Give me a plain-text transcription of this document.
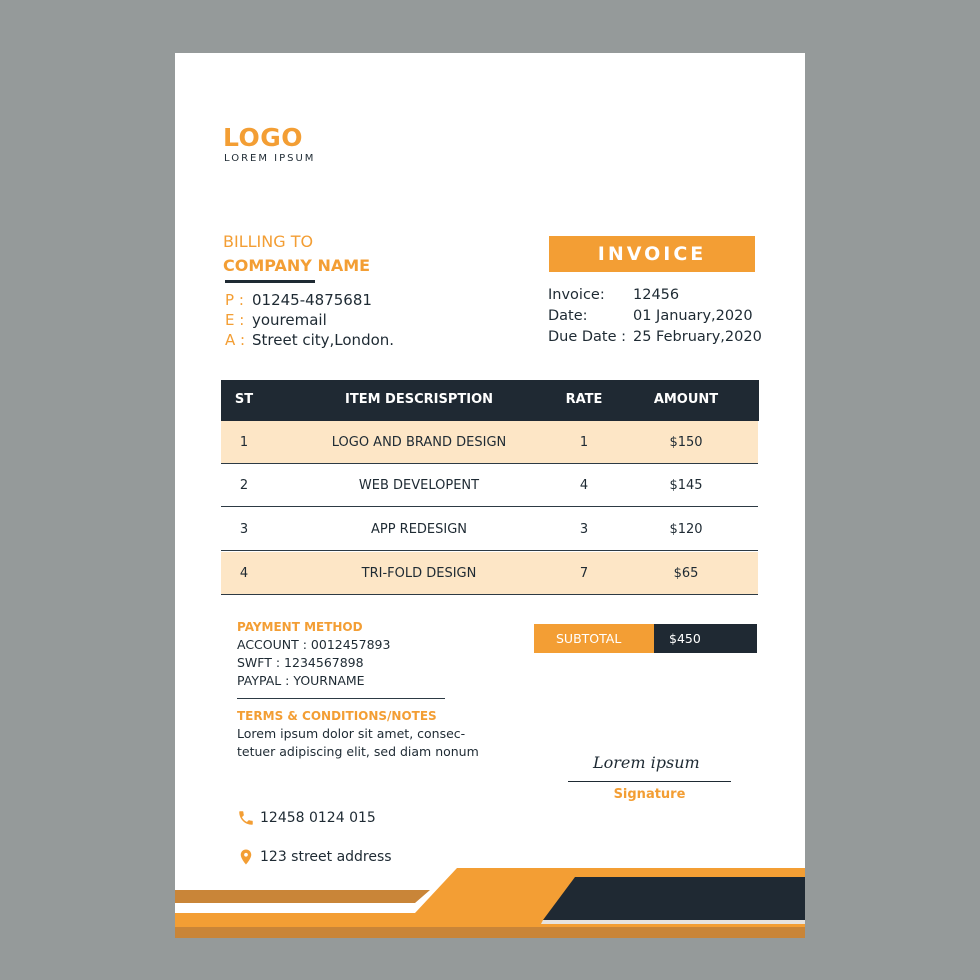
LOGO
LOREM IPSUM
BILLING TO
COMPANY NAME
P : 01245-4875681
E : youremail
A : Street city,London.
INVOICE
Invoice: 12456
Date:	01 January,2020
Due Date : 25 February,2020
ST	ITEM DESCRISPTION	RATE	AMOUNT
1	LOGO AND BRAND DESIGN	1	$150
2	WEB DEVELOPENT	4	$145
3	APP REDESIGN	3	$120
4	TRI-FOLD DESIGN	7	$65
PAYMENT METHOD
ACCOUNT : 0012457893
SWFT : 1234567898
PAYPAL : YOURNAME
TERMS & CONDITIONS/NOTES
Lorem ipsum dolor sit amet, consec-
tetuer adipiscing elit, sed diam nonum
SUBTOTAL	$450
Lorem ipsum
Signature
12458 0124 015
123 street address
